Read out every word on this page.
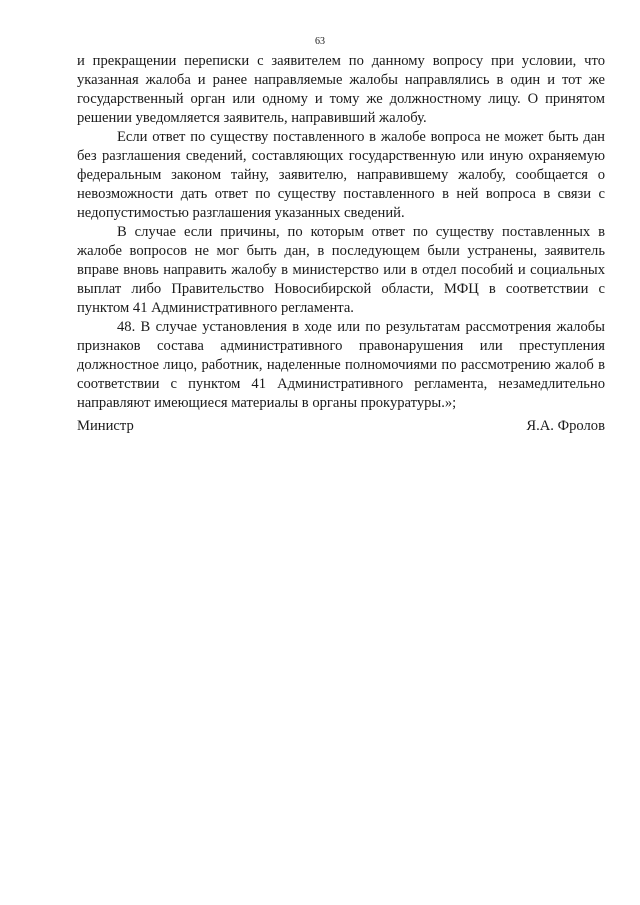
63

и прекращении переписки с заявителем по данному вопросу при условии, что указанная жалоба и ранее направляемые жалобы направлялись в один и тот же государственный орган или одному и тому же должностному лицу. О принятом решении уведомляется заявитель, направивший жалобу.

Если ответ по существу поставленного в жалобе вопроса не может быть дан без разглашения сведений, составляющих государственную или иную охраняемую федеральным законом тайну, заявителю, направившему жалобу, сообщается о невозможности дать ответ по существу поставленного в ней вопроса в связи с недопустимостью разглашения указанных сведений.

В случае если причины, по которым ответ по существу поставленных в жалобе вопросов не мог быть дан, в последующем были устранены, заявитель вправе вновь направить жалобу в министерство или в отдел пособий и социальных выплат либо Правительство Новосибирской области, МФЦ в соответствии с пунктом 41 Административного регламента.

48. В случае установления в ходе или по результатам рассмотрения жалобы признаков состава административного правонарушения или преступления должностное лицо, работник, наделенные полномочиями по рассмотрению жалоб в соответствии с пунктом 41 Административного регламента, незамедлительно направляют имеющиеся материалы в органы прокуратуры.»;

Министр	Я.А. Фролов
